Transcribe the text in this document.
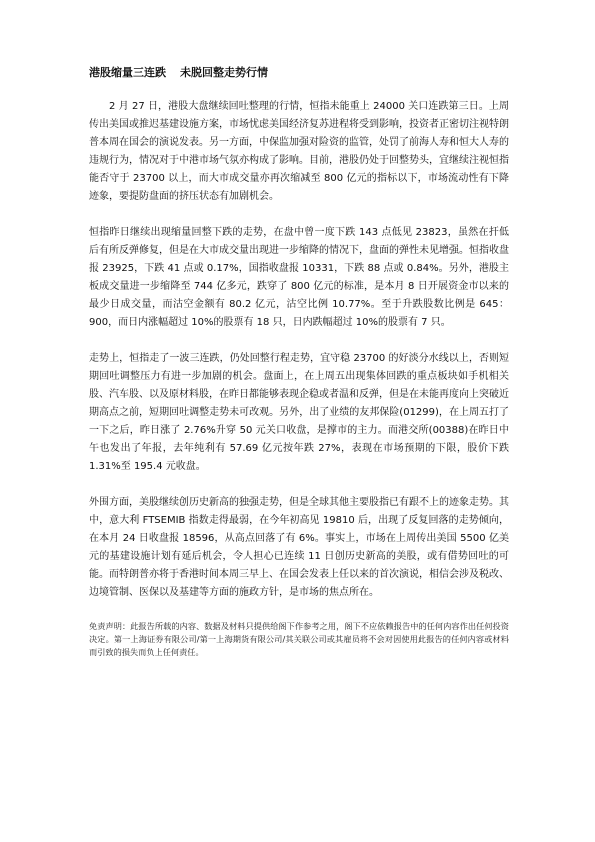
港股缩量三连跌 未脱回整走势行情

2 月 27 日，港股大盘继续回吐整理的行情，恒指未能重上 24000 关口连跌第三日。上周传出美国或推迟基建设施方案，市场忧虑美国经济复苏进程将受到影响，投资者正密切注视特朗普本周在国会的演说发表。另一方面，中保监加强对险资的监管，处罚了前海人寿和恒大人寿的违规行为，情况对于中港市场气氛亦构成了影响。目前，港股仍处于回整势头，宜继续注视恒指能否守于 23700 以上，而大市成交量亦再次缩减至 800 亿元的指标以下，市场流动性有下降迹象，要提防盘面的挤压状态有加剧机会。

恒指昨日继续出现缩量回整下跌的走势，在盘中曾一度下跌 143 点低见 23823，虽然在扞低后有所反弹修复，但是在大市成交量出现进一步缩降的情况下，盘面的弹性未见增强。恒指收盘报 23925，下跌 41 点或 0.17%，国指收盘报 10331，下跌 88 点或 0.84%。另外，港股主板成交量进一步缩降至 744 亿多元，跌穿了 800 亿元的标准，是本月 8 日开展资金市以来的最少日成交量，而沽空金额有 80.2 亿元，沽空比例 10.77%。至于升跌股数比例是 645：900，而日内涨幅超过 10%的股票有 18 只，日内跌幅超过 10%的股票有 7 只。

走势上，恒指走了一波三连跌，仍处回整行程走势，宜守稳 23700 的好淡分水线以上，否则短期回吐调整压力有进一步加剧的机会。盘面上，在上周五出现集体回跌的重点板块如手机相关股、汽车股、以及原材料股，在昨日都能够表现企稳或者温和反弹，但是在未能再度向上突破近期高点之前，短期回吐调整走势未可改观。另外，出了业绩的友邦保险(01299)，在上周五打了一下之后，昨日涨了 2.76%升穿 50 元关口收盘，是撑市的主力。而港交所(00388)在昨日中午也发出了年报，去年纯利有 57.69 亿元按年跌 27%，表现在市场预期的下限，股价下跌 1.31%至 195.4 元收盘。

外围方面，美股继续创历史新高的独强走势，但是全球其他主要股指已有跟不上的迹象走势。其中，意大利 FTSEMIB 指数走得最弱，在今年初高见 19810 后，出现了反复回落的走势倾向，在本月 24 日收盘报 18596，从高点回落了有 6%。事实上，市场在上周传出美国 5500 亿美元的基建设施计划有延后机会，令人担心已连续 11 日创历史新高的美股，或有借势回吐的可能。而特朗普亦将于香港时间本周三早上、在国会发表上任以来的首次演说，相信会涉及税改、边境管制、医保以及基建等方面的施政方针，是市场的焦点所在。

免责声明：此报告所载的内容、数据及材料只提供给阁下作参考之用，阁下不应依赖报告中的任何内容作出任何投资决定。第一上海证券有限公司/第一上海期货有限公司/其关联公司或其雇员将不会对因使用此报告的任何内容或材料而引致的损失而负上任何责任。
